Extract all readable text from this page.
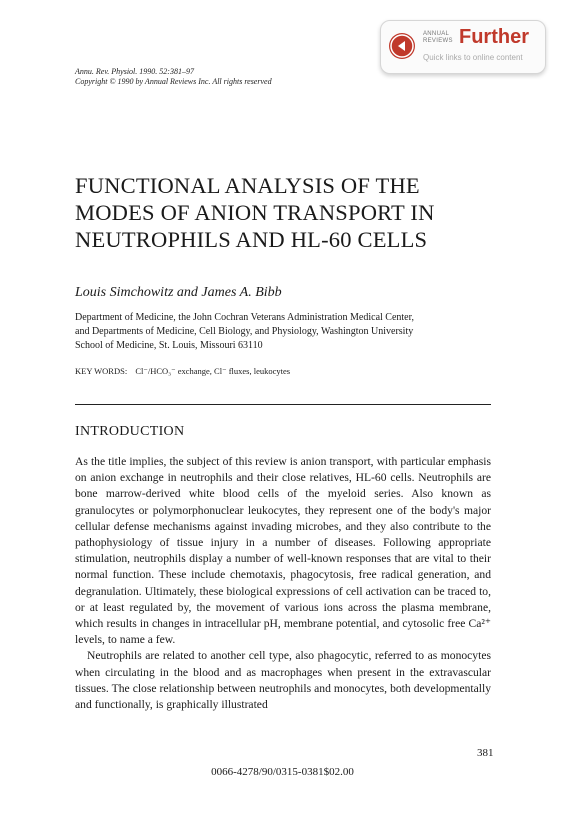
ANNUAL
REVIEWS Further
Quick links to online content
Annu. Rev. Physiol. 1990. 52:381–97
Copyright © 1990 by Annual Reviews Inc. All rights reserved
FUNCTIONAL ANALYSIS OF THE
MODES OF ANION TRANSPORT IN
NEUTROPHILS AND HL-60 CELLS
Louis Simchowitz and James A. Bibb
Department of Medicine, the John Cochran Veterans Administration Medical Center,
and Departments of Medicine, Cell Biology, and Physiology, Washington University
School of Medicine, St. Louis, Missouri 63110
KEY WORDS: Cl⁻/HCO₃⁻ exchange, Cl⁻ fluxes, leukocytes
INTRODUCTION

As the title implies, the subject of this review is anion transport, with particular emphasis on anion exchange in neutrophils and their close relatives, HL-60 cells. Neutrophils are bone marrow-derived white blood cells of the myeloid series. Also known as granulocytes or polymorphonuclear leukocytes, they represent one of the body's major cellular defense mechanisms against invading microbes, and they also contribute to the pathophysiology of tissue injury in a number of diseases. Following appropriate stimulation, neutrophils display a number of well-known responses that are vital to their normal function. These include chemotaxis, phagocytosis, free radical generation, and degranulation. Ultimately, these biological expressions of cell activation can be traced to, or at least regulated by, the movement of various ions across the plasma membrane, which results in changes in intracellular pH, membrane potential, and cytosolic free Ca²⁺ levels, to name a few.

Neutrophils are related to another cell type, also phagocytic, referred to as monocytes when circulating in the blood and as macrophages when present in the extravascular tissues. The close relationship between neutrophils and monocytes, both developmentally and functionally, is graphically illustrated

381
0066-4278/90/0315-0381$02.00
